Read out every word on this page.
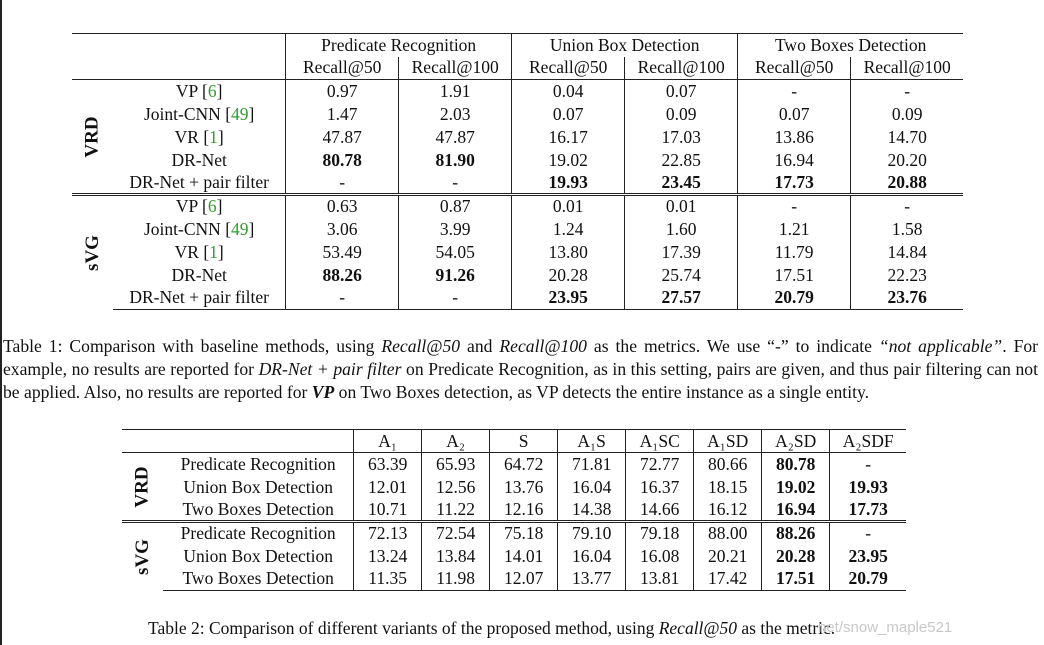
		Predicate Recognition		Union Box Detection		Two Boxes Detection	
		Recall@50	Recall@100	Recall@50	Recall@100	Recall@50	Recall@100
VRD	VP [6]	0.97	1.91	0.04	0.07	-	-
	Joint-CNN [49]	1.47	2.03	0.07	0.09	0.07	0.09
	VR [1]	47.87	47.87	16.17	17.03	13.86	14.70
	DR-Net	80.78	81.90	19.02	22.85	16.94	20.20
	DR-Net + pair filter	-	-	19.93	23.45	17.73	20.88
sVG	VP [6]	0.63	0.87	0.01	0.01	-	-
	Joint-CNN [49]	3.06	3.99	1.24	1.60	1.21	1.58
	VR [1]	53.49	54.05	13.80	17.39	11.79	14.84
	DR-Net	88.26	91.26	20.28	25.74	17.51	22.23
	DR-Net + pair filter	-	-	23.95	27.57	20.79	23.76
Table 1: Comparison with baseline methods, using Recall@50 and Recall@100 as the metrics. We use “-” to indicate “not applicable”. For example, no results are reported for DR-Net + pair filter on Predicate Recognition, as in this setting, pairs are given, and thus pair filtering can not be applied. Also, no results are reported for VP on Two Boxes detection, as VP detects the entire instance as a single entity.
		A₁	A₂	S	A₁S	A₁SC	A₁SD	A₂SD	A₂SDF
VRD	Predicate Recognition	63.39	65.93	64.72	71.81	72.77	80.66	80.78	-
	Union Box Detection	12.01	12.56	13.76	16.04	16.37	18.15	19.02	19.93
	Two Boxes Detection	10.71	11.22	12.16	14.38	14.66	16.12	16.94	17.73
sVG	Predicate Recognition	72.13	72.54	75.18	79.10	79.18	88.00	88.26	-
	Union Box Detection	13.24	13.84	14.01	16.04	16.08	20.21	20.28	23.95
	Two Boxes Detection	11.35	11.98	12.07	13.77	13.81	17.42	17.51	20.79
Table 2: Comparison of different variants of the proposed method, using Recall@50 as the metric.
net/snow_maple521
